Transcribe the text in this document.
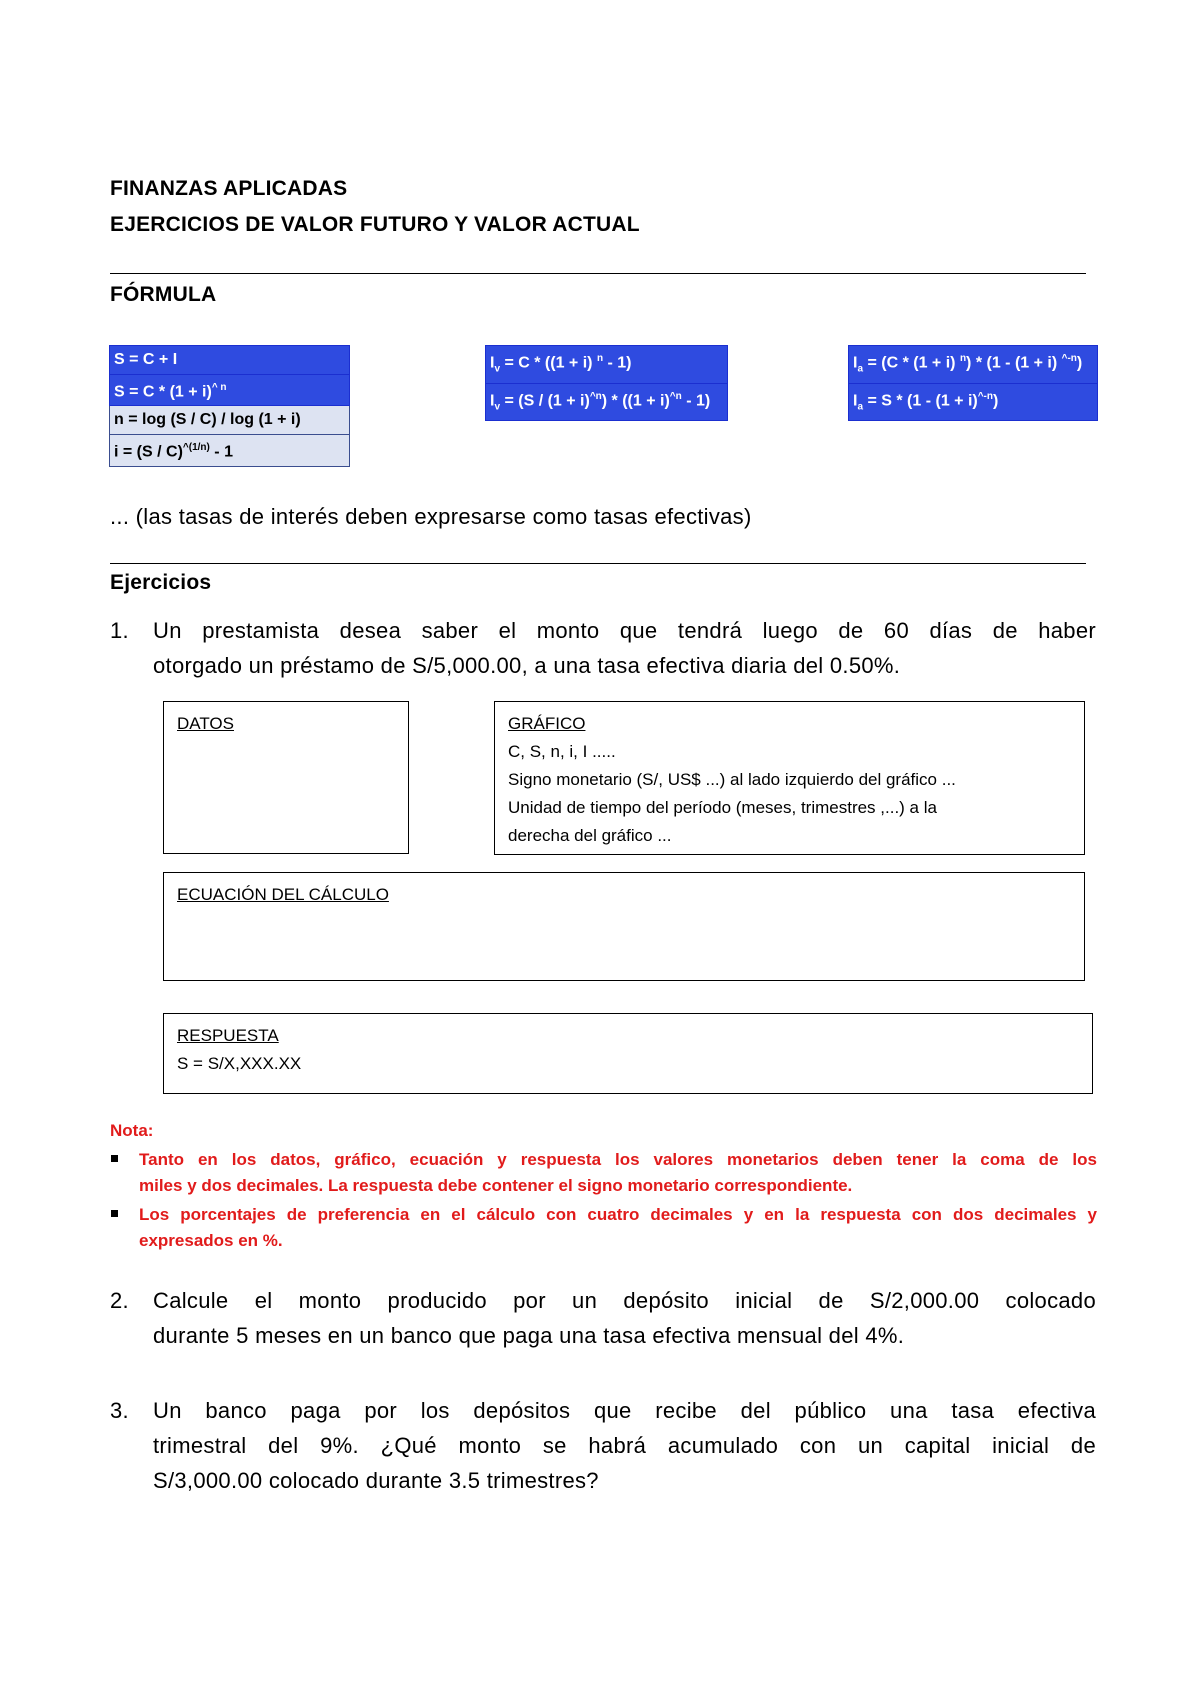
FINANZAS APLICADAS
EJERCICIOS DE VALOR FUTURO Y VALOR ACTUAL
FÓRMULA
S = C + I
$S = C * (1 + i)^{\^{} n}$
n = log (S / C) / log (1 + i)
i = (S / C)$^{\^{}(1/n)}$ - 1
$I_v = C * ((1 + i)$ $^n$ - 1)
$I_v = (S / (1 + i)^{\^{}n}) * ((1 + i)^{\^{}n} - 1)$
$I_a = (C * (1 + i)$ $^n$) * (1 - (1 + i) $^{\^{}-n}$)
$I_a = S * (1 - (1 + i)^{\^{}-n})$
... (las tasas de interés deben expresarse como tasas efectivas)
Ejercicios
1. Un prestamista desea saber el monto que tendrá luego de 60 días de haber
otorgado un préstamo de S/5,000.00, a una tasa efectiva diaria del 0.50%.
DATOS	GRÁFICO
C, S, n, i, I .....
Signo monetario (S/, US$ ...) al lado izquierdo del gráfico ...
Unidad de tiempo del período (meses, trimestres ,...) a la
derecha del gráfico ...
ECUACIÓN DEL CÁLCULO
RESPUESTA
S = S/X,XXX.XX
Nota:
Tanto en los datos, gráfico, ecuación y respuesta los valores monetarios deben tener la coma de los
miles y dos decimales. La respuesta debe contener el signo monetario correspondiente.
Los porcentajes de preferencia en el cálculo con cuatro decimales y en la respuesta con dos decimales y
expresados en %.
2. Calcule el monto producido por un depósito inicial de S/2,000.00 colocado
durante 5 meses en un banco que paga una tasa efectiva mensual del 4%.
3. Un banco paga por los depósitos que recibe del público una tasa efectiva
trimestral del 9%. ¿Qué monto se habrá acumulado con un capital inicial de
S/3,000.00 colocado durante 3.5 trimestres?
